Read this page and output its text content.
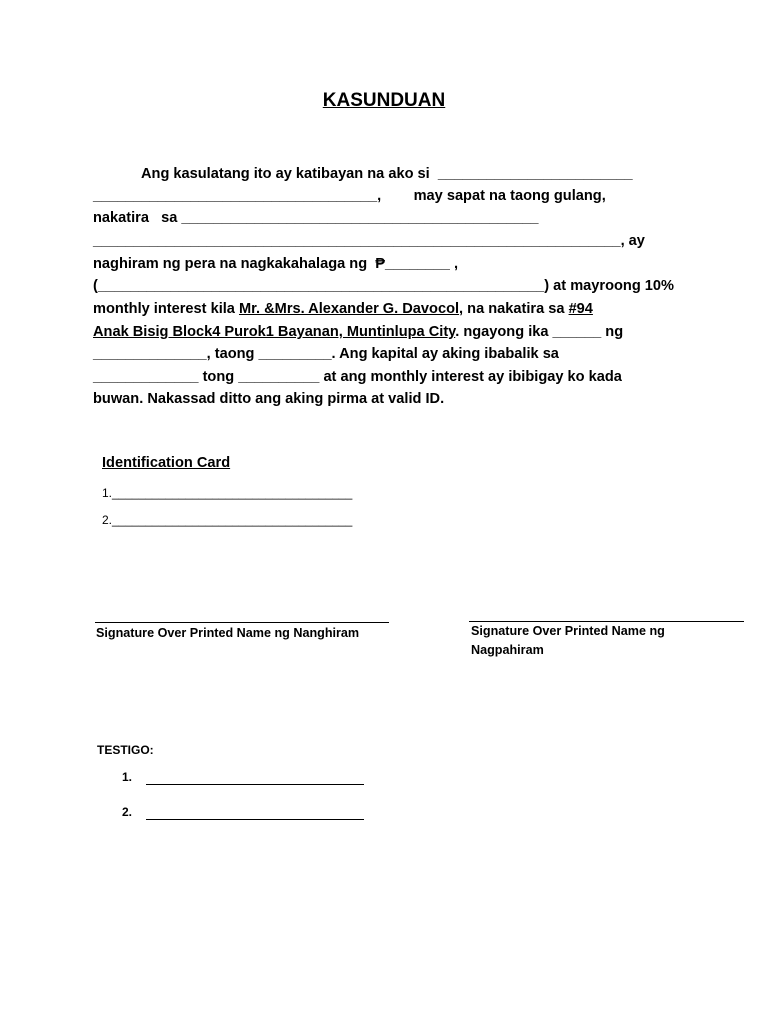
KASUNDUAN
Ang kasulatang ito ay katibayan na ako si  ________________________
___________________________________,        may sapat na taong gulang,
nakatira   sa ____________________________________________
_________________________________________________________________, ay
naghiram ng pera na nagkakahalaga ng  ₱________ ,
(_______________________________________________________) at mayroong 10%
monthly interest kila Mr. &Mrs. Alexander G. Davocol, na nakatira sa #94
Anak Bisig Block4 Purok1 Bayanan, Muntinlupa City. ngayong ika ______ ng
______________, taong _________. Ang kapital ay aking ibabalik sa
_____________ tong __________ at ang monthly interest ay ibibigay ko kada
buwan. Nakassad ditto ang aking pirma at valid ID.
Identification Card
1.____________________________________
2.____________________________________
Signature Over Printed Name ng Nanghiram	Signature Over Printed Name ng
Nagpahiram
TESTIGO:
1.
2.
